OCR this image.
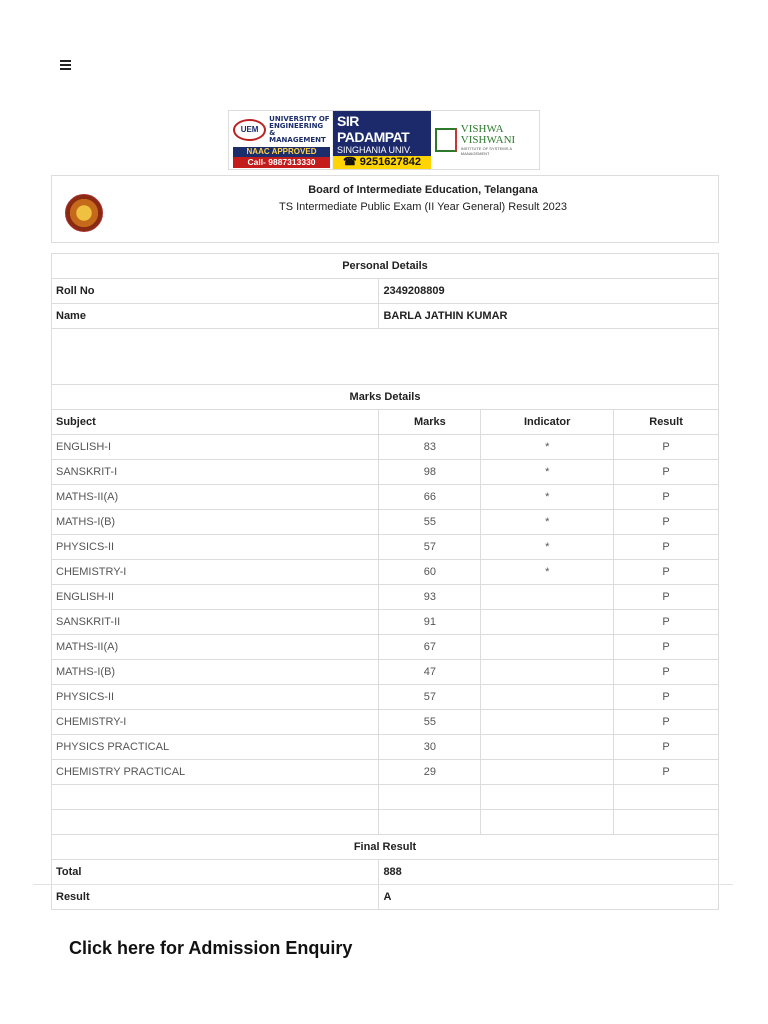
UEM
UNIVERSITY OF
ENGINEERING &
MANAGEMENT
NAAC APPROVED
Call- 9887313330
SIR PADAMPAT
SINGHANIA UNIV.
☎ 9251627842
VISHWA
VISHWANI
INSTITUTE OF SYSTEMS & MANAGEMENT
Board of Intermediate Education, Telangana
TS Intermediate Public Exam (II Year General) Result 2023
Personal Details			
Roll No	2349208809		
Name	BARLA JATHIN KUMAR		

Marks Details			
Subject	Marks	Indicator	Result
ENGLISH-I	83	*	P
SANSKRIT-I	98	*	P
MATHS-II(A)	66	*	P
MATHS-I(B)	55	*	P
PHYSICS-II	57	*	P
CHEMISTRY-I	60	*	P
ENGLISH-II	93		P
SANSKRIT-II	91		P
MATHS-II(A)	67		P
MATHS-I(B)	47		P
PHYSICS-II	57		P
CHEMISTRY-I	55		P
PHYSICS PRACTICAL	30		P
CHEMISTRY PRACTICAL	29		P

Final Result			
Total	888		
Result	A		
Click here for Admission Enquiry
